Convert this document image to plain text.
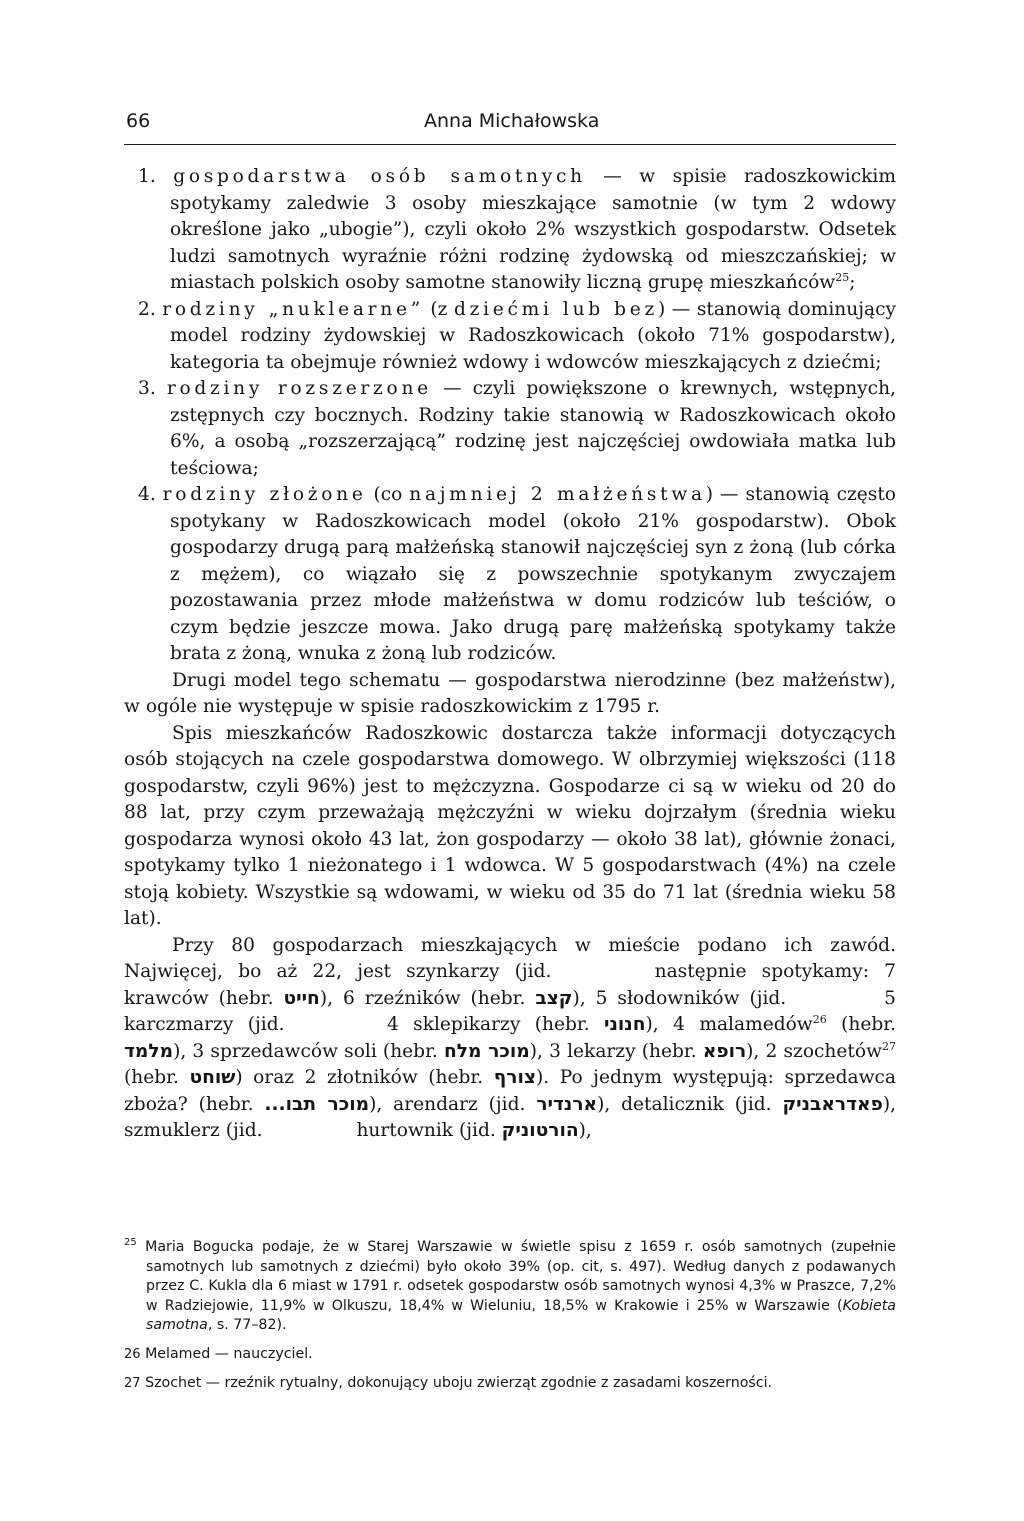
66	Anna Michałowska

1. gospodarstwa osób samotnych — w spisie radoszkowickim spotykamy zaledwie 3 osoby mieszkające samotnie (w tym 2 wdowy określone jako „ubogie”), czyli około 2% wszystkich gospodarstw. Odsetek ludzi samotnych wyraźnie różni rodzinę żydowską od mieszczańskiej; w miastach polskich osoby samotne stanowiły liczną grupę mieszkańców$^{25}$;

2. rodziny „nuklearne” (z dziećmi lub bez) — stanowią dominujący model rodziny żydowskiej w Radoszkowicach (około 71% gospodarstw), kategoria ta obejmuje również wdowy i wdowców mieszkających z dziećmi;

3. rodziny rozszerzone — czyli powiększone o krewnych, wstępnych, zstępnych czy bocznych. Rodziny takie stanowią w Radoszkowicach około 6%, a osobą „rozszerzającą” rodzinę jest najczęściej owdowiała matka lub teściowa;

4. rodziny złożone (co najmniej 2 małżeństwa) — stanowią często spotykany w Radoszkowicach model (około 21% gospodarstw). Obok gospodarzy drugą parą małżeńską stanowił najczęściej syn z żoną (lub córka z mężem), co wiązało się z powszechnie spotykanym zwyczajem pozostawania przez młode małżeństwa w domu rodziców lub teściów, o czym będzie jeszcze mowa. Jako drugą parę małżeńską spotykamy także brata z żoną, wnuka z żoną lub rodziców.

Drugi model tego schematu — gospodarstwa nierodzinne (bez małżeństw), w ogóle nie występuje w spisie radoszkowickim z 1795 r.

Spis mieszkańców Radoszkowic dostarcza także informacji dotyczących osób stojących na czele gospodarstwa domowego. W olbrzymiej większości (118 gospodarstw, czyli 96%) jest to mężczyzna. Gospodarze ci są w wieku od 20 do 88 lat, przy czym przeważają mężczyźni w wieku dojrzałym (średnia wieku gospodarza wynosi około 43 lat, żon gospodarzy — około 38 lat), głównie żonaci, spotykamy tylko 1 nieżonatego i 1 wdowca. W 5 gospodarstwach (4%) na czele stoją kobiety. Wszystkie są wdowami, w wieku od 35 do 71 lat (średnia wieku 58 lat).

Przy 80 gospodarzach mieszkających w mieście podano ich zawód. Najwięcej, bo aż 22, jest szynkarzy (jid.	następnie spotykamy: 7 krawców (hebr. חייט), 6 rzeźników (hebr. קצב), 5 słodowników (jid.	5 karczmarzy (jid.	4 sklepikarzy (hebr. חנוני), 4 malamedów$^{26}$ (hebr. מלמד), 3 sprzedawców soli (hebr. מוכר מלח), 3 lekarzy (hebr. רופא), 2 szochetów$^{27}$ (hebr. שוחט) oraz 2 złotników (hebr. צורף). Po jednym występują: sprzedawca zboża? (hebr. ...מוכר תבו), arendarz (jid. ארנדיר), detalicznik (jid. פאדראבניק), szmuklerz (jid.	hurtownik (jid. הורטוניק),

$^{25}$ Maria Bogucka podaje, że w Starej Warszawie w świetle spisu z 1659 r. osób samotnych (zupełnie samotnych lub samotnych z dziećmi) było około 39% (op. cit, s. 497). Według danych z podawanych przez C. Kukla dla 6 miast w 1791 r. odsetek gospodarstw osób samotnych wynosi 4,3% w Praszce, 7,2% w Radziejowie, 11,9% w Olkuszu, 18,4% w Wieluniu, 18,5% w Krakowie i 25% w Warszawie (Kobieta samotna, s. 77–82).

26 Melamed — nauczyciel.

27 Szochet — rzeźnik rytualny, dokonujący uboju zwierząt zgodnie z zasadami koszerności.
